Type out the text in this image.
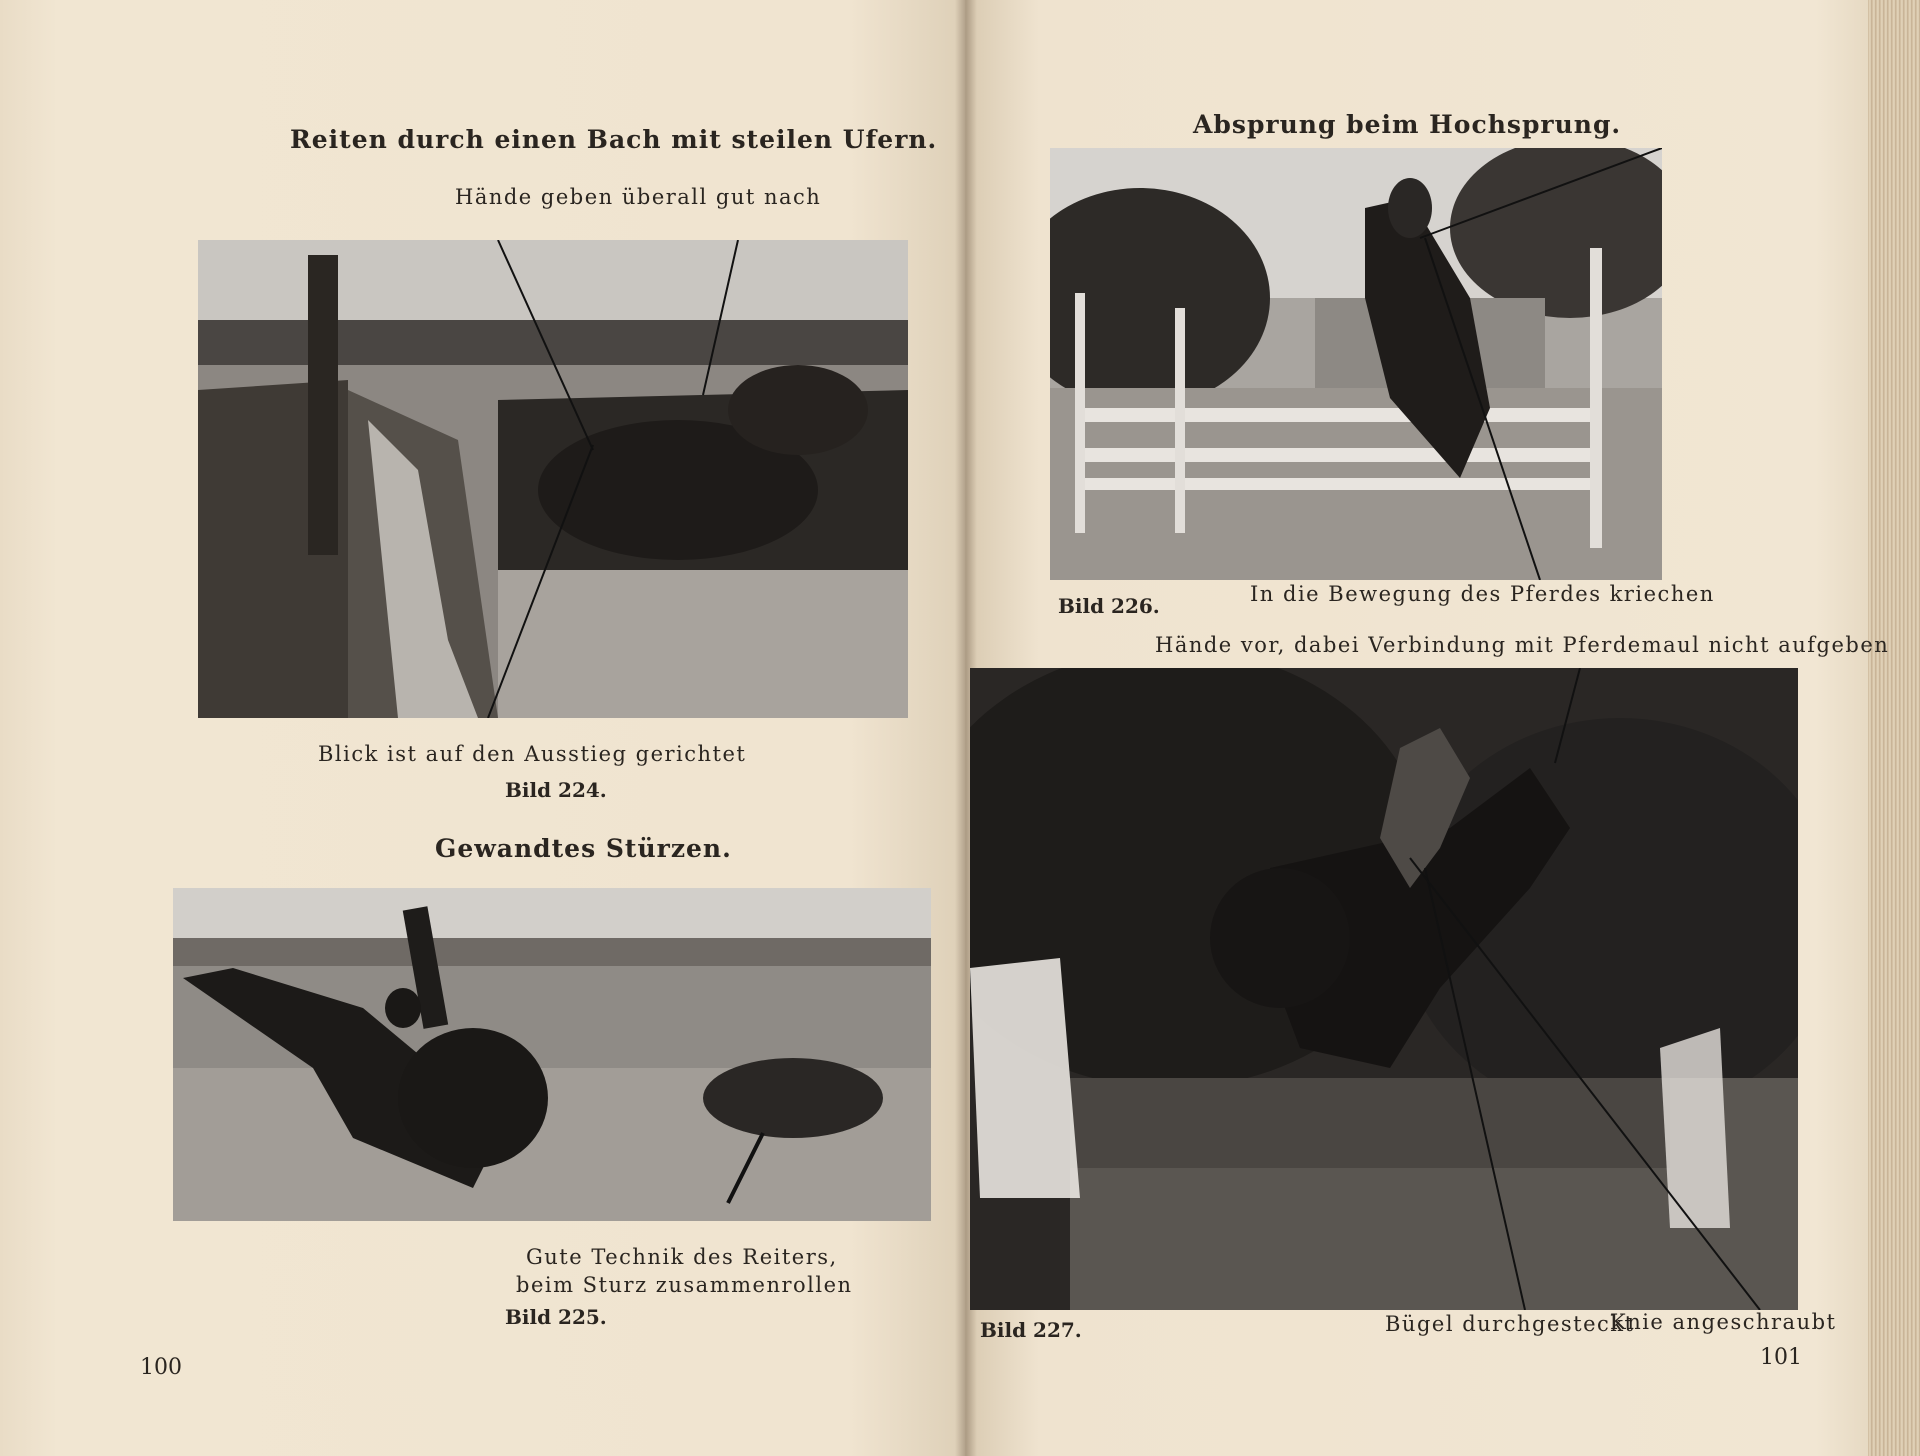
Reiten durch einen Bach mit steilen Ufern.
Hände geben überall gut nach
Blick ist auf den Ausstieg gerichtet
Bild 224.
Gewandtes Stürzen.
Gute Technik des Reiters,
beim Sturz zusammenrollen
Bild 225.
100
Absprung beim Hochsprung.
Bild 226.	In die Bewegung des Pferdes kriechen
Hände vor, dabei Verbindung mit Pferdemaul nicht aufgeben
Bild 227.	Bügel durchgesteckt
Knie angeschraubt
101
